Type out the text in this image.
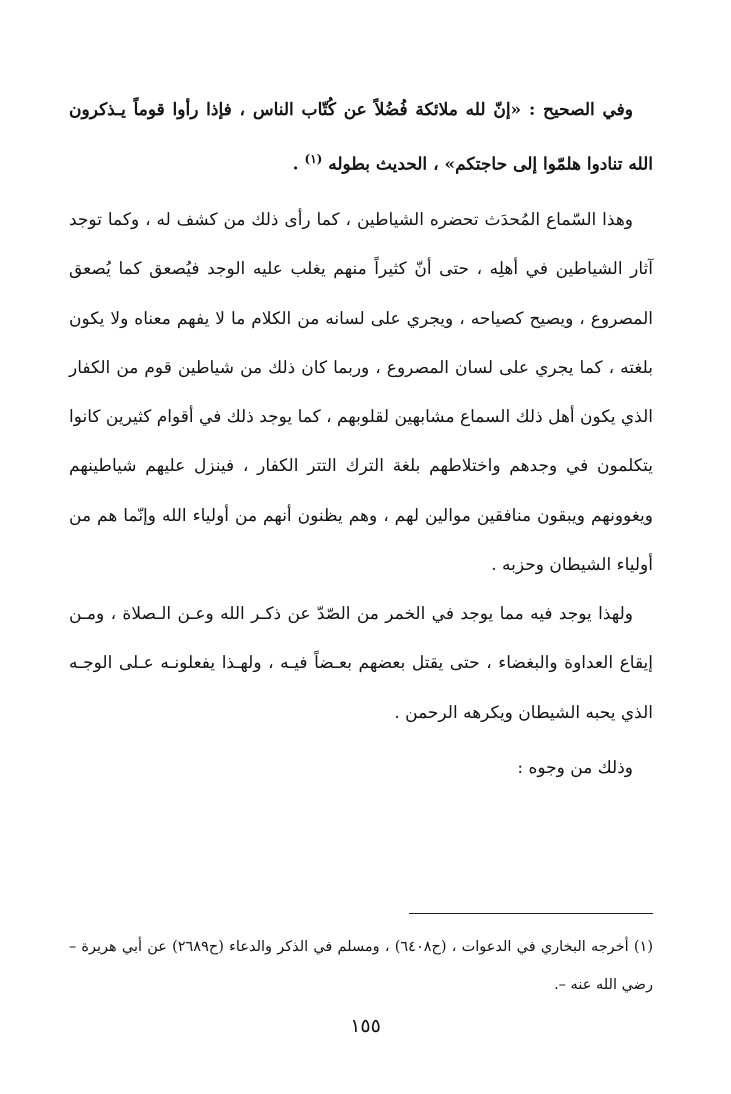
وفي الصحيح : «إنّ لله ملائكة فُضُلاً عن كُتّاب الناس ، فإذا رأوا قوماً يـذكرون الله تنادوا هلمّوا إلى حاجتكم» ، الحديث بطوله $^{(١)}$ .

وهذا السّماع المُحدَث تحضره الشياطين ، كما رأى ذلك من كشف له ، وكما توجد آثار الشياطين في أهلِه ، حتى أنّ كثيراً منهم يغلب عليه الوجد فيُصعق كما يُصعق المصروع ، ويصيح كصياحه ، ويجري على لسانه من الكلام ما لا يفهم معناه ولا يكون بلغته ، كما يجري على لسان المصروع ، وربما كان ذلك من شياطين قوم من الكفار الذي يكون أهل ذلك السماع مشابهين لقلوبهم ، كما يوجد ذلك في أقوام كثيرين كانوا يتكلمون في وجدهم واختلاطهم بلغة الترك التتر الكفار ، فينزل عليهم شياطينهم ويغوونهم ويبقون منافقين موالين لهم ، وهم يظنون أنهم من أولياء الله وإنّما هم من أولياء الشيطان وحزبه .

ولهذا يوجد فيه مما يوجد في الخمر من الصّدّ عن ذكـر الله وعـن الـصلاة ، ومـن إيقاع العداوة والبغضاء ، حتى يقتل بعضهم بعـضاً فيـه ، ولهـذا يفعلونـه عـلى الوجـه الذي يحبه الشيطان ويكرهه الرحمن .

وذلك من وجوه :

(١) أخرجه البخاري في الدعوات ، (ح٦٤٠٨) ، ومسلم في الذكر والدعاء (ح٢٦٨٩) عن أبي هريرة – رضي الله عنه –.

١٥٥
